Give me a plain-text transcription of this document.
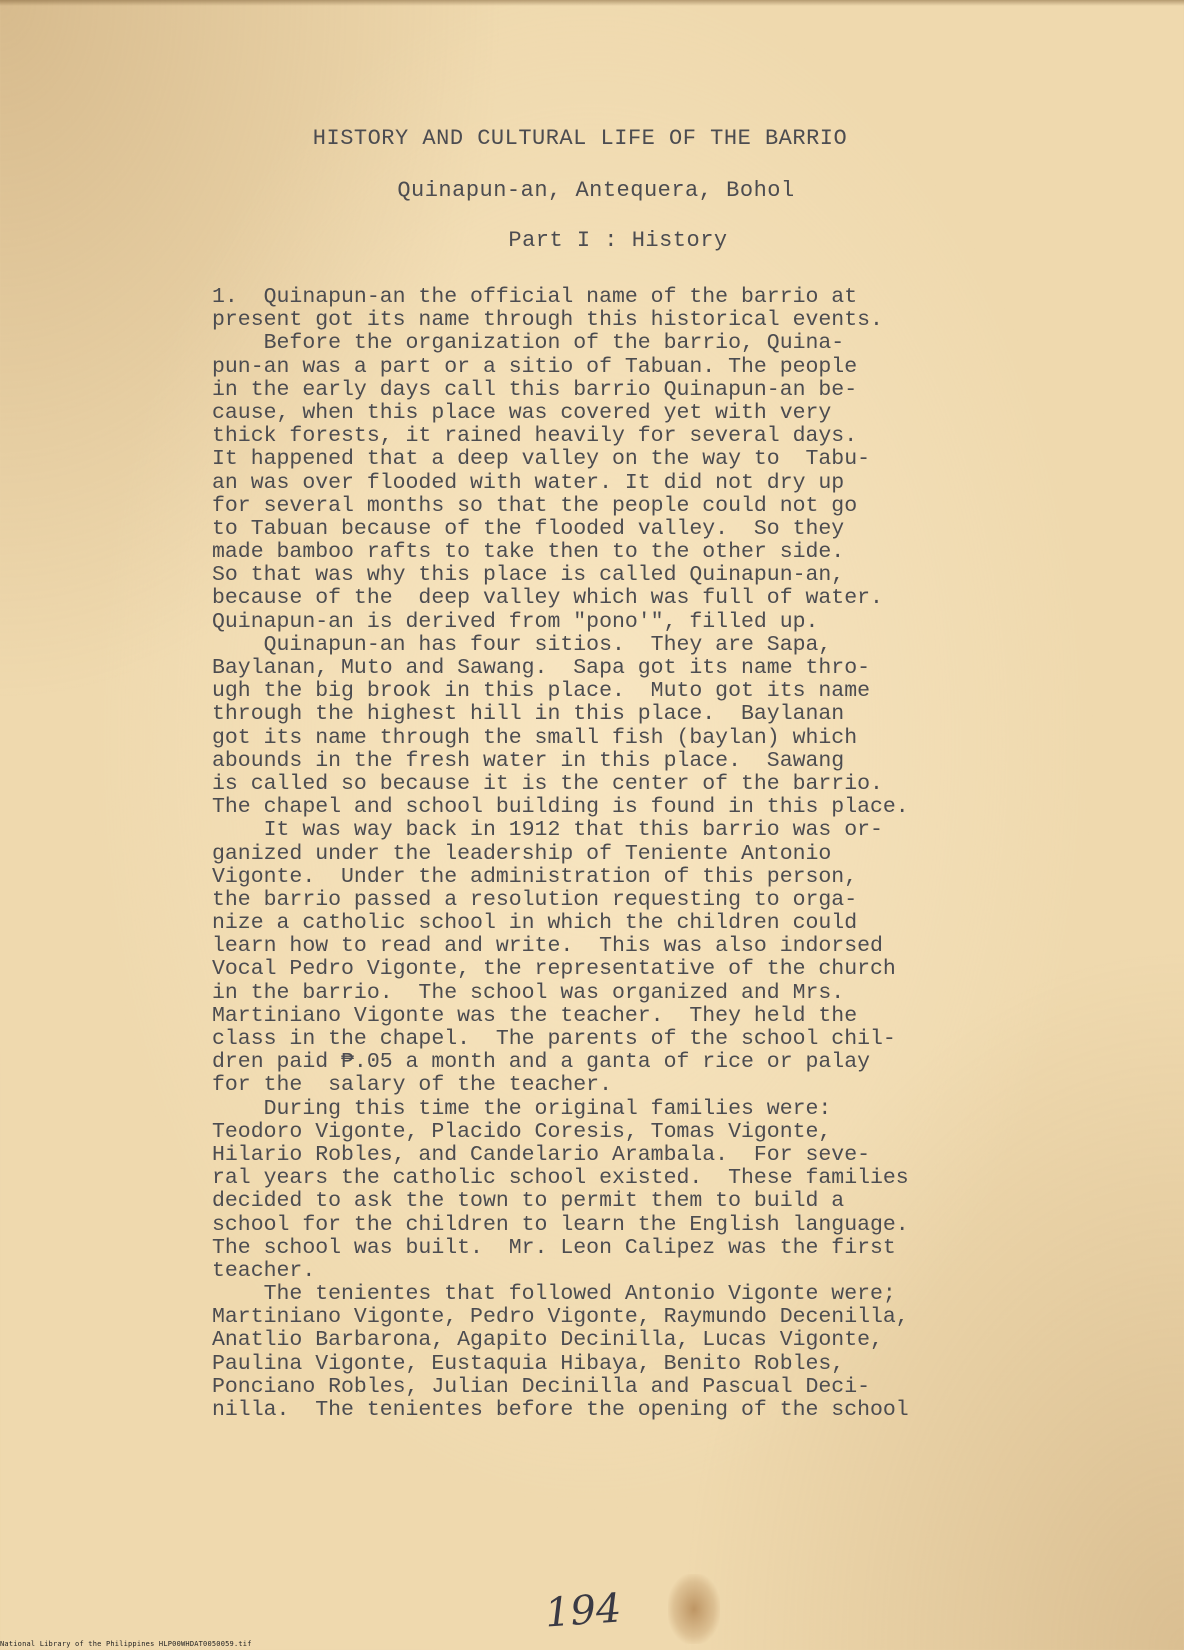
HISTORY AND CULTURAL LIFE OF THE BARRIO
Quinapun-an, Antequera, Bohol
Part I : History
1.  Quinapun-an the official name of the barrio at
present got its name through this historical events.
Before the organization of the barrio, Quina-
pun-an was a part or a sitio of Tabuan. The people
in the early days call this barrio Quinapun-an be-
cause, when this place was covered yet with very
thick forests, it rained heavily for several days.
It happened that a deep valley on the way to  Tabu-
an was over flooded with water. It did not dry up
for several months so that the people could not go
to Tabuan because of the flooded valley.  So they
made bamboo rafts to take then to the other side.
So that was why this place is called Quinapun-an,
because of the  deep valley which was full of water.
Quinapun-an is derived from "pono'", filled up.
Quinapun-an has four sitios.  They are Sapa,
Baylanan, Muto and Sawang.  Sapa got its name thro-
ugh the big brook in this place.  Muto got its name
through the highest hill in this place.  Baylanan
got its name through the small fish (baylan) which
abounds in the fresh water in this place.  Sawang
is called so because it is the center of the barrio.
The chapel and school building is found in this place.
It was way back in 1912 that this barrio was or-
ganized under the leadership of Teniente Antonio
Vigonte.  Under the administration of this person,
the barrio passed a resolution requesting to orga-
nize a catholic school in which the children could
learn how to read and write.  This was also indorsed
Vocal Pedro Vigonte, the representative of the church
in the barrio.  The school was organized and Mrs.
Martiniano Vigonte was the teacher.  They held the
class in the chapel.  The parents of the school chil-
dren paid ₱.05 a month and a ganta of rice or palay
for the  salary of the teacher.
During this time the original families were:
Teodoro Vigonte, Placido Coresis, Tomas Vigonte,
Hilario Robles, and Candelario Arambala.  For seve-
ral years the catholic school existed.  These families
decided to ask the town to permit them to build a
school for the children to learn the English language.
The school was built.  Mr. Leon Calipez was the first
teacher.
The tenientes that followed Antonio Vigonte were;
Martiniano Vigonte, Pedro Vigonte, Raymundo Decenilla,
Anatlio Barbarona, Agapito Decinilla, Lucas Vigonte,
Paulina Vigonte, Eustaquia Hibaya, Benito Robles,
Ponciano Robles, Julian Decinilla and Pascual Deci-
nilla.  The tenientes before the opening of the school
194
National Library of the Philippines HLP00WHDAT0050059.tif
